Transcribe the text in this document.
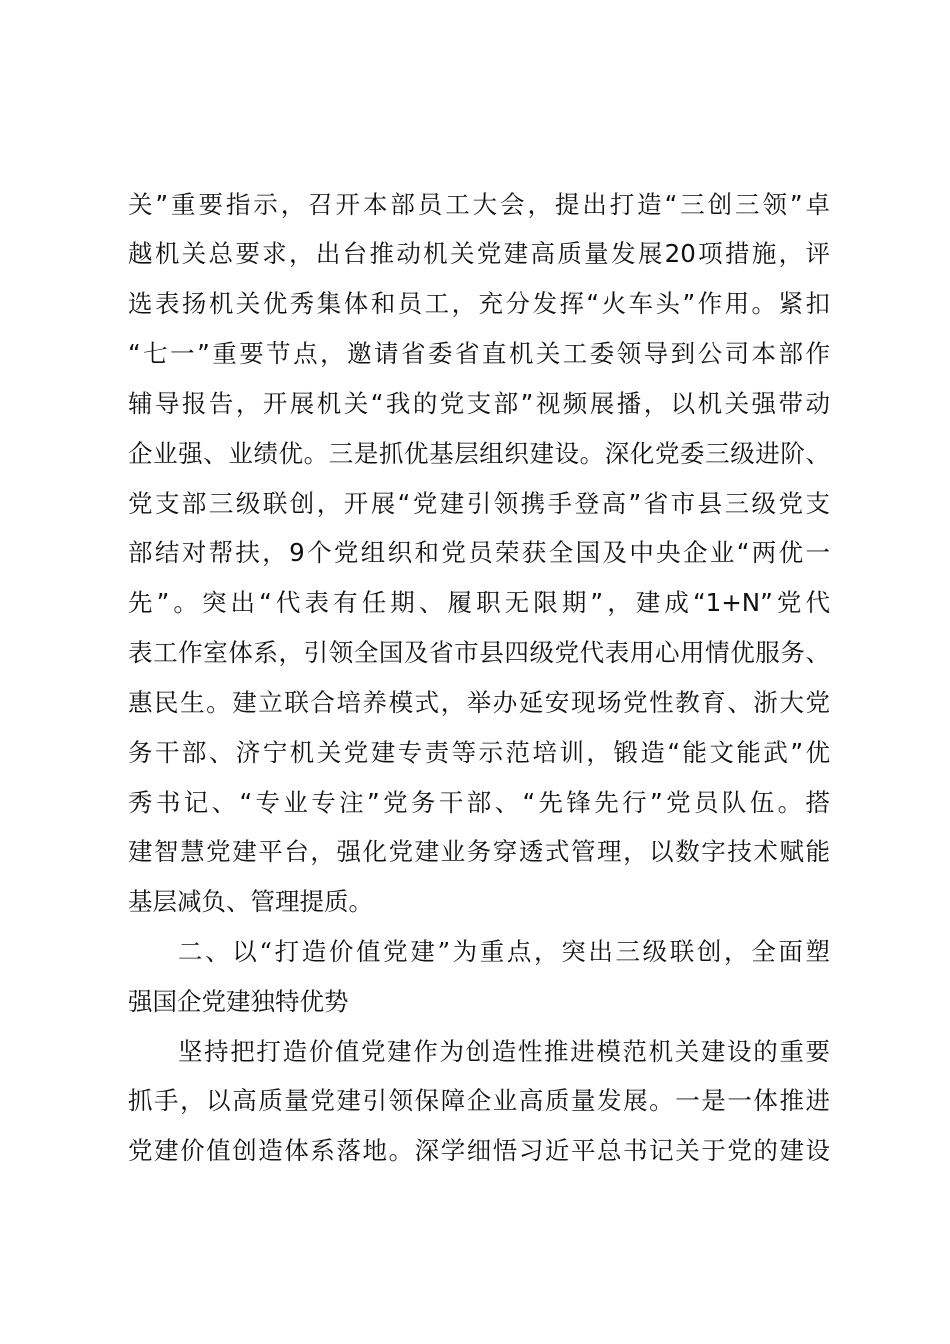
关”重要指示，召开本部员工大会，提出打造“三创三领”卓
越机关总要求，出台推动机关党建高质量发展20项措施，评
选表扬机关优秀集体和员工，充分发挥“火车头”作用。紧扣
“七一”重要节点，邀请省委省直机关工委领导到公司本部作
辅导报告，开展机关“我的党支部”视频展播，以机关强带动
企业强、业绩优。三是抓优基层组织建设。深化党委三级进阶、
党支部三级联创，开展“党建引领携手登高”省市县三级党支
部结对帮扶，9个党组织和党员荣获全国及中央企业“两优一
先”。突出“代表有任期、履职无限期”，建成“1+N”党代
表工作室体系，引领全国及省市县四级党代表用心用情优服务、
惠民生。建立联合培养模式，举办延安现场党性教育、浙大党
务干部、济宁机关党建专责等示范培训，锻造“能文能武”优
秀书记、“专业专注”党务干部、“先锋先行”党员队伍。搭
建智慧党建平台，强化党建业务穿透式管理，以数字技术赋能
基层减负、管理提质。
二、以“打造价值党建”为重点，突出三级联创，全面塑
强国企党建独特优势
坚持把打造价值党建作为创造性推进模范机关建设的重要
抓手，以高质量党建引领保障企业高质量发展。一是一体推进
党建价值创造体系落地。深学细悟习近平总书记关于党的建设
